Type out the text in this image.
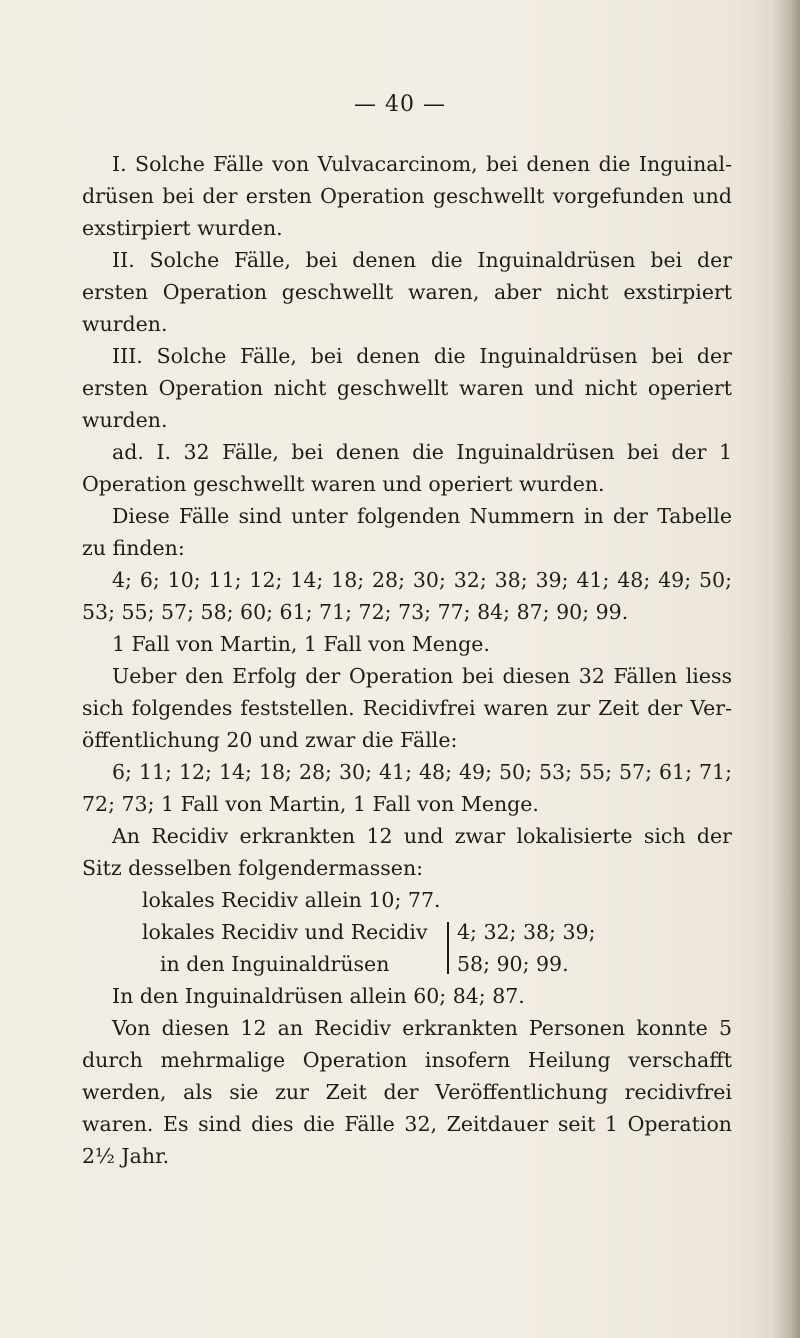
— 40 —

I. Solche Fälle von Vulvacarcinom, bei denen die Inguinaldrüsen bei der ersten Operation geschwellt vorgefunden und exstirpiert wurden.

II. Solche Fälle, bei denen die Inguinaldrüsen bei der ersten Operation geschwellt waren, aber nicht exstirpiert wurden.

III. Solche Fälle, bei denen die Inguinaldrüsen bei der ersten Operation nicht geschwellt waren und nicht operiert wurden.

ad. I. 32 Fälle, bei denen die Inguinaldrüsen bei der 1 Operation geschwellt waren und operiert wurden.

Diese Fälle sind unter folgenden Nummern in der Tabelle zu finden:

4; 6; 10; 11; 12; 14; 18; 28; 30; 32; 38; 39; 41; 48; 49; 50; 53; 55; 57; 58; 60; 61; 71; 72; 73; 77; 84; 87; 90; 99.

1 Fall von Martin, 1 Fall von Menge.

Ueber den Erfolg der Operation bei diesen 32 Fällen liess sich folgendes feststellen. Recidivfrei waren zur Zeit der Veröffentlichung 20 und zwar die Fälle:

6; 11; 12; 14; 18; 28; 30; 41; 48; 49; 50; 53; 55; 57; 61; 71; 72; 73; 1 Fall von Martin, 1 Fall von Menge.

An Recidiv erkrankten 12 und zwar lokalisierte sich der Sitz desselben folgendermassen:

lokales Recidiv allein 10; 77.

lokales Recidiv und Recidiv
in den Inguinaldrüsen
4; 32; 38; 39;
58; 90; 99.

In den Inguinaldrüsen allein 60; 84; 87.

Von diesen 12 an Recidiv erkrankten Personen konnte 5 durch mehrmalige Operation insofern Heilung verschafft werden, als sie zur Zeit der Veröffentlichung recidivfrei waren. Es sind dies die Fälle 32, Zeitdauer seit 1 Operation 2½ Jahr.
